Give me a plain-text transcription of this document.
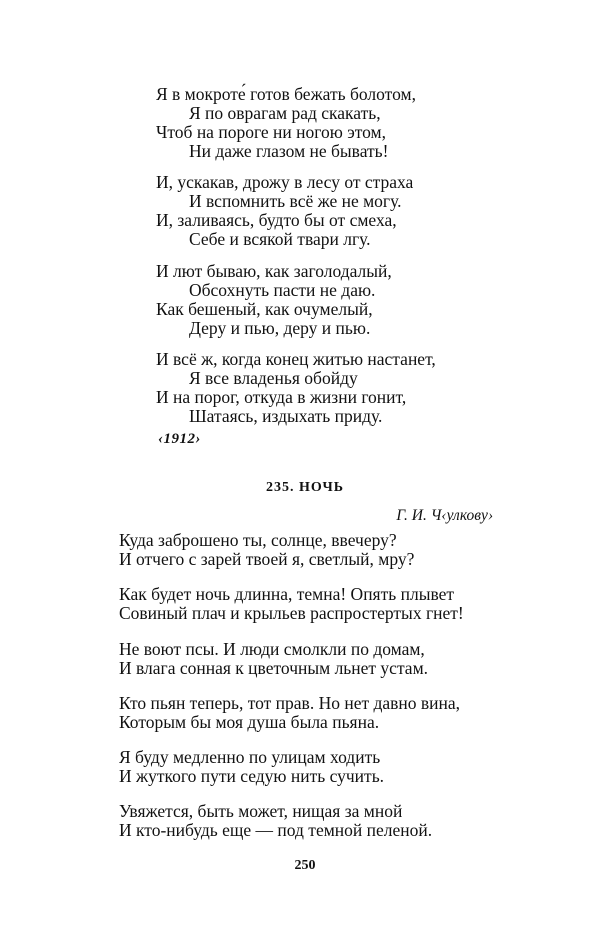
Я в мокроте́ готов бежать болотом,
Я по оврагам рад скакать,
Чтоб на пороге ни ногою этом,
Ни даже глазом не бывать!
И, ускакав, дрожу в лесу от страха
И вспомнить всё же не могу.
И, заливаясь, будто бы от смеха,
Себе и всякой твари лгу.
И лют бываю, как заголодалый,
Обсохнуть пасти не даю.
Как бешеный, как очумелый,
Деру и пью, деру и пью.
И всё ж, когда конец житью настанет,
Я все владенья обойду
И на порог, откуда в жизни гонит,
Шатаясь, издыхать приду.
‹1912›
235. НОЧЬ
Г. И. Ч‹улкову›
Куда заброшено ты, солнце, ввечеру?
И отчего с зарей твоей я, светлый, мру?
Как будет ночь длинна, темна! Опять плывет
Совиный плач и крыльев распростертых гнет!
Не воют псы. И люди смолкли по домам,
И влага сонная к цветочным льнет устам.
Кто пьян теперь, тот прав. Но нет давно вина,
Которым бы моя душа была пьяна.
Я буду медленно по улицам ходить
И жуткого пути седую нить сучить.
Увяжется, быть может, нищая за мной
И кто-нибудь еще — под темной пеленой.
250
